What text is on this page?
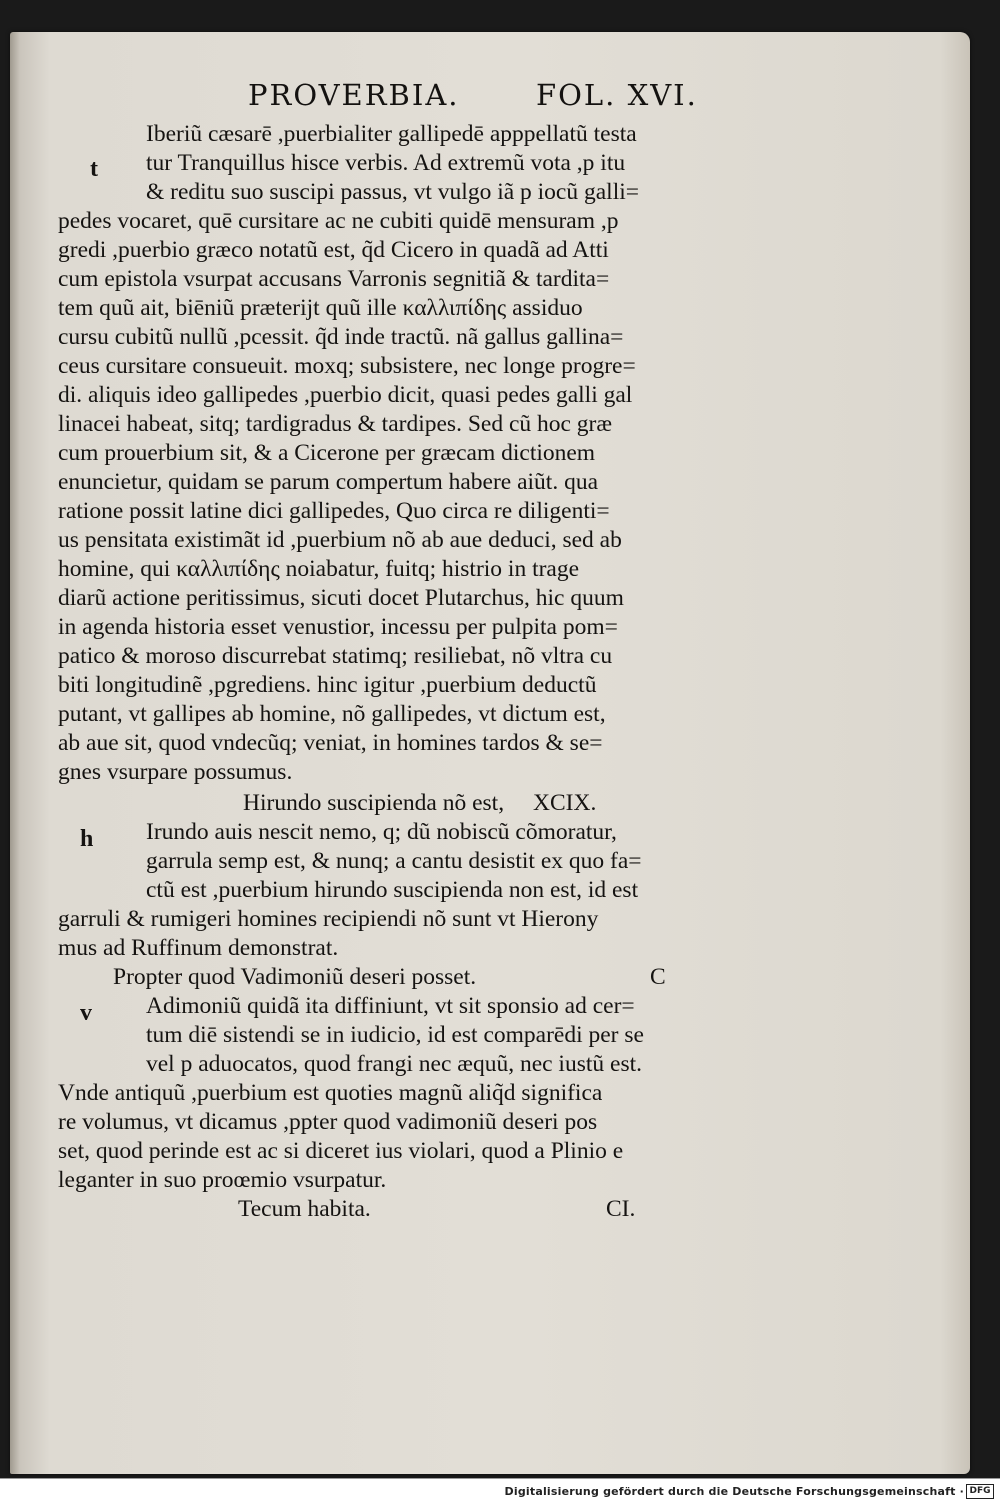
PROVERBIA.	FOL. XVI.
t
h
v
Iberiũ cæsarē ,puerbialiter gallipedē apppellatũ testa
tur Tranquillus hisce verbis. Ad extremũ vota ,p itu
& reditu suo suscipi passus, vt vulgo iã p iocũ galli=
pedes vocaret, quē cursitare ac ne cubiti quidē mensuram ,p
gredi ,puerbio græco notatũ est, q̃d Cicero in quadã ad Atti
cum epistola vsurpat accusans Varronis segnitiã & tardita=
tem quũ ait, biēniũ præterijt quũ ille καλλιπίδης assiduo
cursu cubitũ nullũ ,pcessit. q̃d inde tractũ. nã gallus gallina=
ceus cursitare consueuit. moxq; subsistere, nec longe progre=
di. aliquis ideo gallipedes ,puerbio dicit, quasi pedes galli gal
linacei habeat, sitq; tardigradus & tardipes. Sed cũ hoc græ
cum prouerbium sit, & a Cicerone per græcam dictionem
enuncietur, quidam se parum compertum habere aiũt. qua
ratione possit latine dici gallipedes, Quo circa re diligenti=
us pensitata existimãt id ,puerbium nõ ab aue deduci, sed ab
homine, qui καλλιπίδης noiabatur, fuitq; histrio in trage
diarũ actione peritissimus, sicuti docet Plutarchus, hic quum
in agenda historia esset venustior, incessu per pulpita pom=
patico & moroso discurrebat statimq; resiliebat, nõ vltra cu
biti longitudinẽ ,pgrediens. hinc igitur ,puerbium deductũ
putant, vt gallipes ab homine, nõ gallipedes, vt dictum est,
ab aue sit, quod vndecũq; veniat, in homines tardos & se=
gnes vsurpare possumus.
Hirundo suscipienda nõ est, XCIX.
Irundo auis nescit nemo, q; dũ nobiscũ cõmoratur,
garrula semp est, & nunq; a cantu desistit ex quo fa=
ctũ est ,puerbium hirundo suscipienda non est, id est
garruli & rumigeri homines recipiendi nõ sunt vt Hierony
mus ad Ruffinum demonstrat.
Propter quod Vadimoniũ deseri posset.	C
Adimoniũ quidã ita diffiniunt, vt sit sponsio ad cer=
tum diē sistendi se in iudicio, id est comparēdi per se
vel p aduocatos, quod frangi nec æquũ, nec iustũ est.
Vnde antiquũ ,puerbium est quoties magnũ aliq̃d significa
re volumus, vt dicamus ,ppter quod vadimoniũ deseri pos
set, quod perinde est ac si diceret ius violari, quod a Plinio e
leganter in suo proœmio vsurpatur.
Tecum habita.	CI.
Digitalisierung gefördert durch die Deutsche Forschungsgemeinschaft · DFG
